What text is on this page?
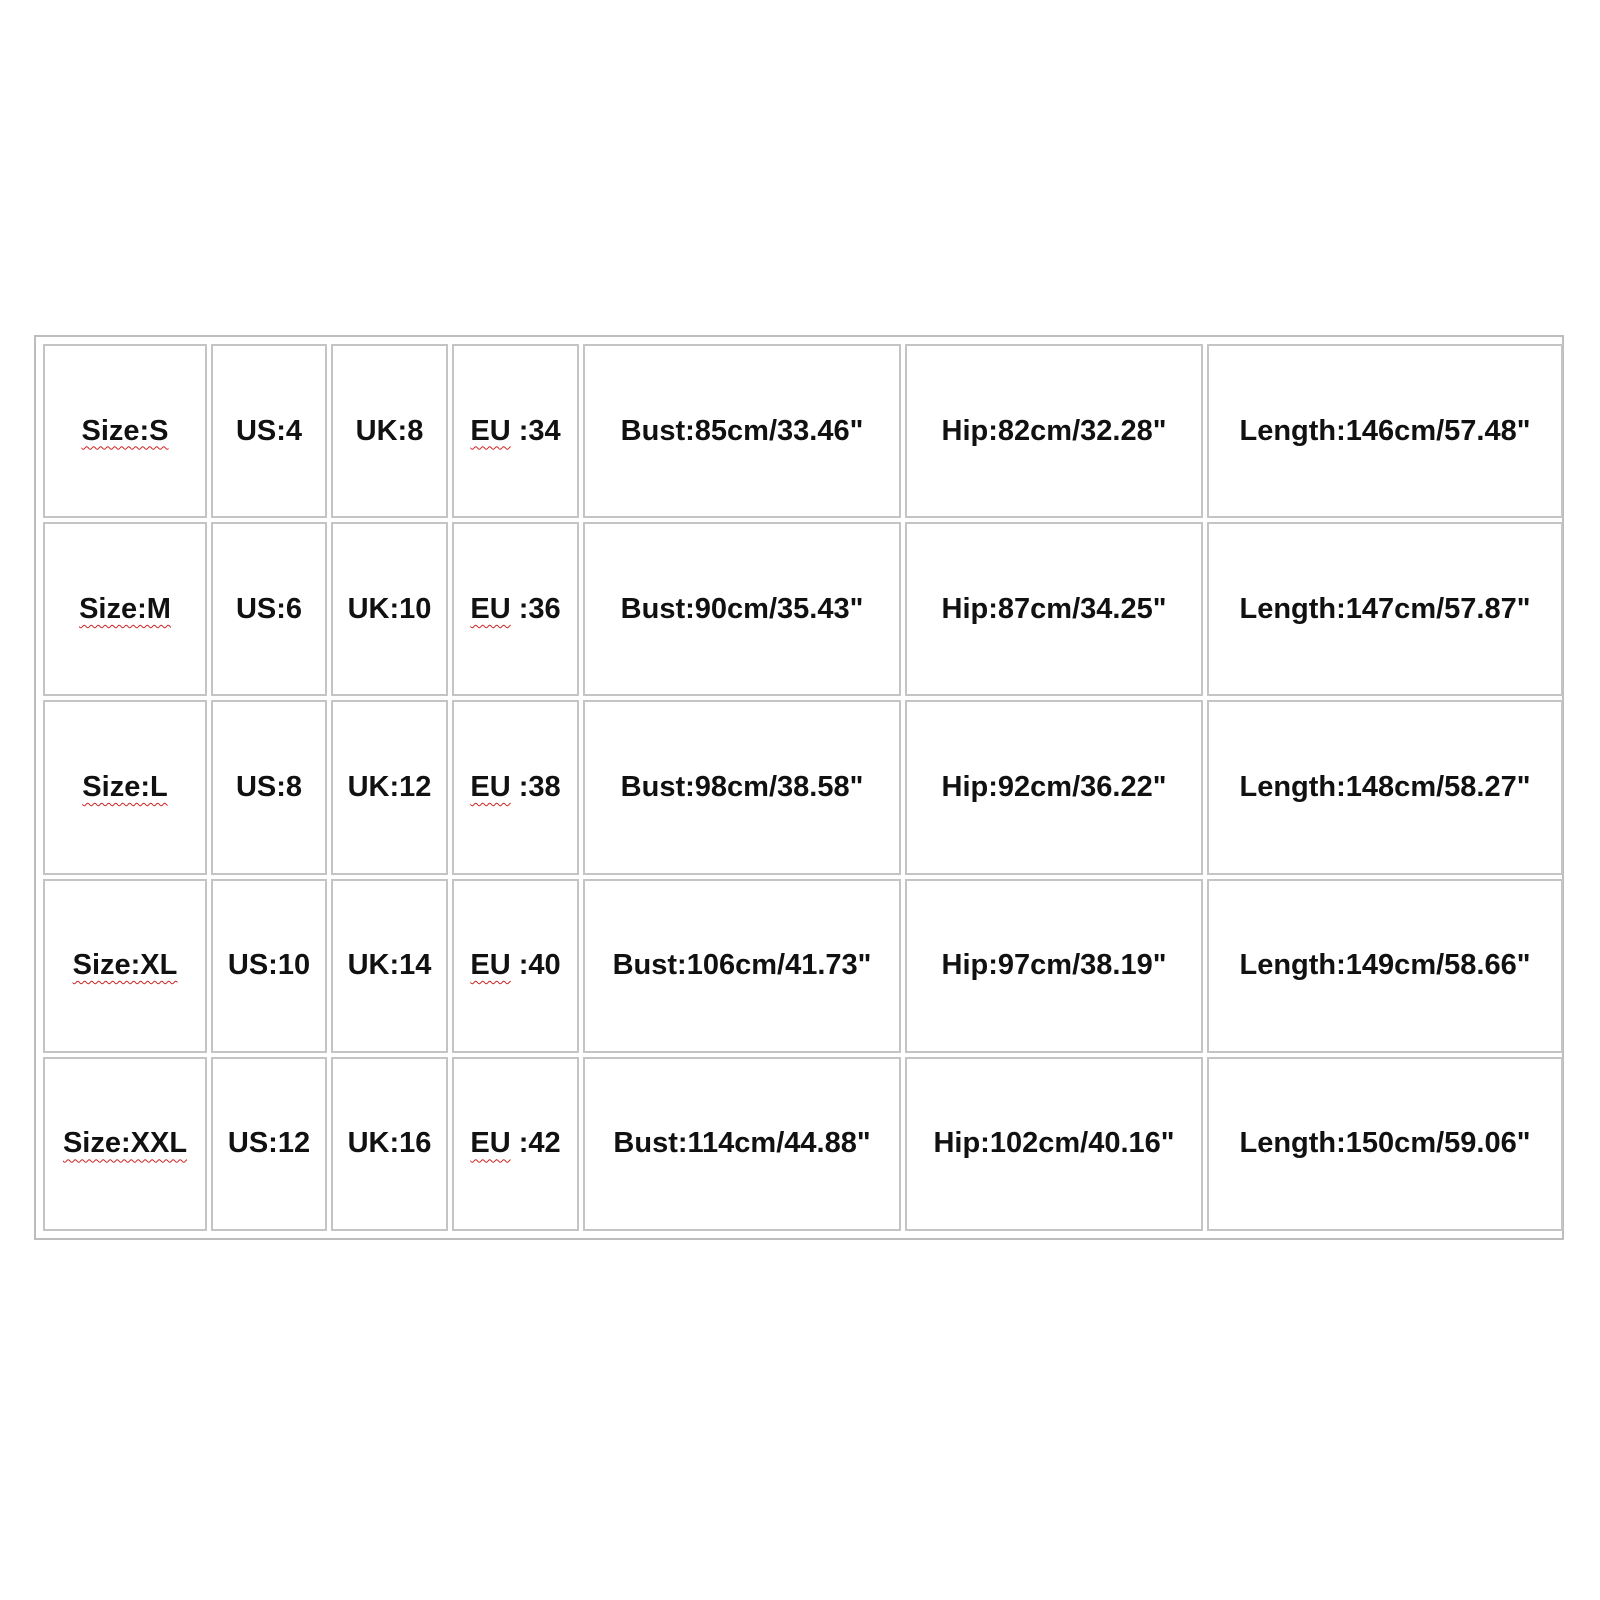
Size:S	US:4	UK:8	EU :34	Bust:85cm/33.46"	Hip:82cm/32.28"	Length:146cm/57.48"
Size:M	US:6	UK:10	EU :36	Bust:90cm/35.43"	Hip:87cm/34.25"	Length:147cm/57.87"
Size:L	US:8	UK:12	EU :38	Bust:98cm/38.58"	Hip:92cm/36.22"	Length:148cm/58.27"
Size:XL	US:10	UK:14	EU :40	Bust:106cm/41.73"	Hip:97cm/38.19"	Length:149cm/58.66"
Size:XXL	US:12	UK:16	EU :42	Bust:114cm/44.88"	Hip:102cm/40.16"	Length:150cm/59.06"
